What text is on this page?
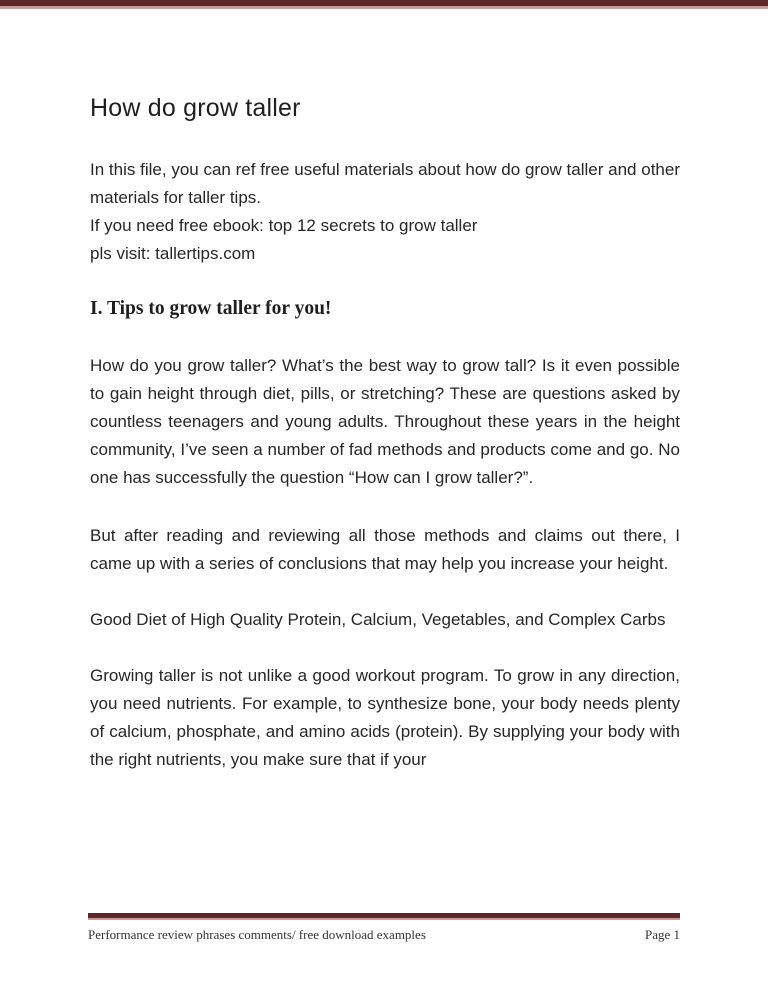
How do grow taller

In this file, you can ref free useful materials about how do grow taller and other materials for taller tips.

If you need free ebook: top 12 secrets to grow taller

pls visit: tallertips.com

I. Tips to grow taller for you!

How do you grow taller? What’s the best way to grow tall? Is it even possible to gain height through diet, pills, or stretching? These are questions asked by countless teenagers and young adults. Throughout these years in the height community, I’ve seen a number of fad methods and products come and go. No one has successfully the question “How can I grow taller?”.

But after reading and reviewing all those methods and claims out there, I came up with a series of conclusions that may help you increase your height.

Good Diet of High Quality Protein, Calcium, Vegetables, and Complex Carbs

Growing taller is not unlike a good workout program. To grow in any direction, you need nutrients. For example, to synthesize bone, your body needs plenty of calcium, phosphate, and amino acids (protein). By supplying your body with the right nutrients, you make sure that if your

Performance review phrases comments/ free download examples	Page 1
